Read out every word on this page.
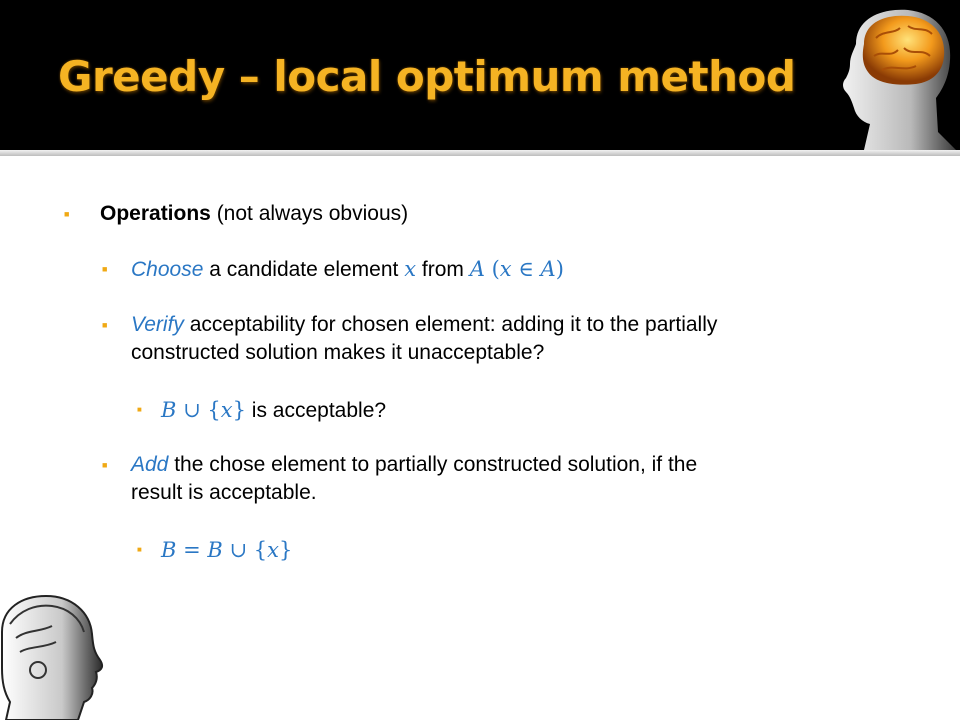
Greedy – local optimum method
■ Operations (not always obvious)
■ Choose a candidate element x from A (x ∈ A)
■ Verify acceptability for chosen element: adding it to the partially
constructed solution makes it unacceptable?
■ B ∪ {x} is acceptable?
■ Add the chose element to partially constructed solution, if the
result is acceptable.
■ B = B ∪ {x}
